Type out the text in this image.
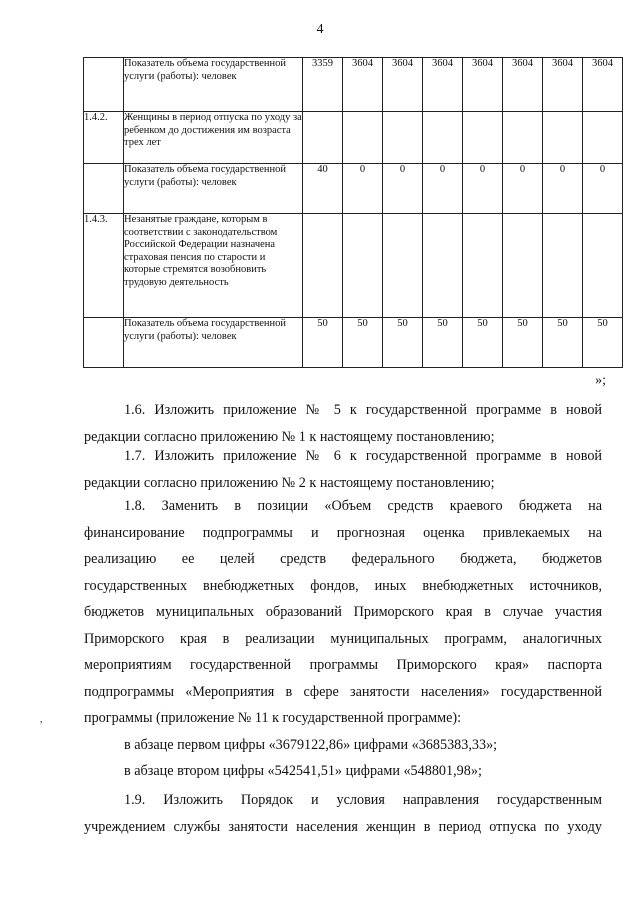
4
	Показатель объема государственной услуги (работы): человек	3359	3604	3604	3604	3604	3604	3604	3604
1.4.2.	Женщины в период отпуска по уходу за ребенком до достижения им возраста трех лет								
	Показатель объема государственной услуги (работы): человек	40	0	0	0	0	0	0	0
1.4.3.	Незанятые граждане, которым в соответствии с законодательством Российской Федерации назначена страховая пенсия по старости и которые стремятся возобновить трудовую деятельность								
	Показатель объема государственной услуги (работы): человек	50	50	50	50	50	50	50	50
»;
1.6. Изложить приложение № 5 к государственной программе в новой
редакции согласно приложению № 1 к настоящему постановлению;
1.7. Изложить приложение № 6 к государственной программе в новой
редакции согласно приложению № 2 к настоящему постановлению;
1.8. Заменить в позиции «Объем средств краевого бюджета на
финансирование подпрограммы и прогнозная оценка привлекаемых на
реализацию ее целей средств федерального бюджета, бюджетов
государственных внебюджетных фондов, иных внебюджетных источников,
бюджетов муниципальных образований Приморского края в случае участия
Приморского края в реализации муниципальных программ, аналогичных
мероприятиям государственной программы Приморского края» паспорта
подпрограммы «Мероприятия в сфере занятости населения» государственной
программы (приложение № 11 к государственной программе):
в абзаце первом цифры «3679122,86» цифрами «3685383,33»;
в абзаце втором цифры «542541,51» цифрами «548801,98»;
1.9. Изложить Порядок и условия направления государственным
учреждением службы занятости населения женщин в период отпуска по уходу
,
